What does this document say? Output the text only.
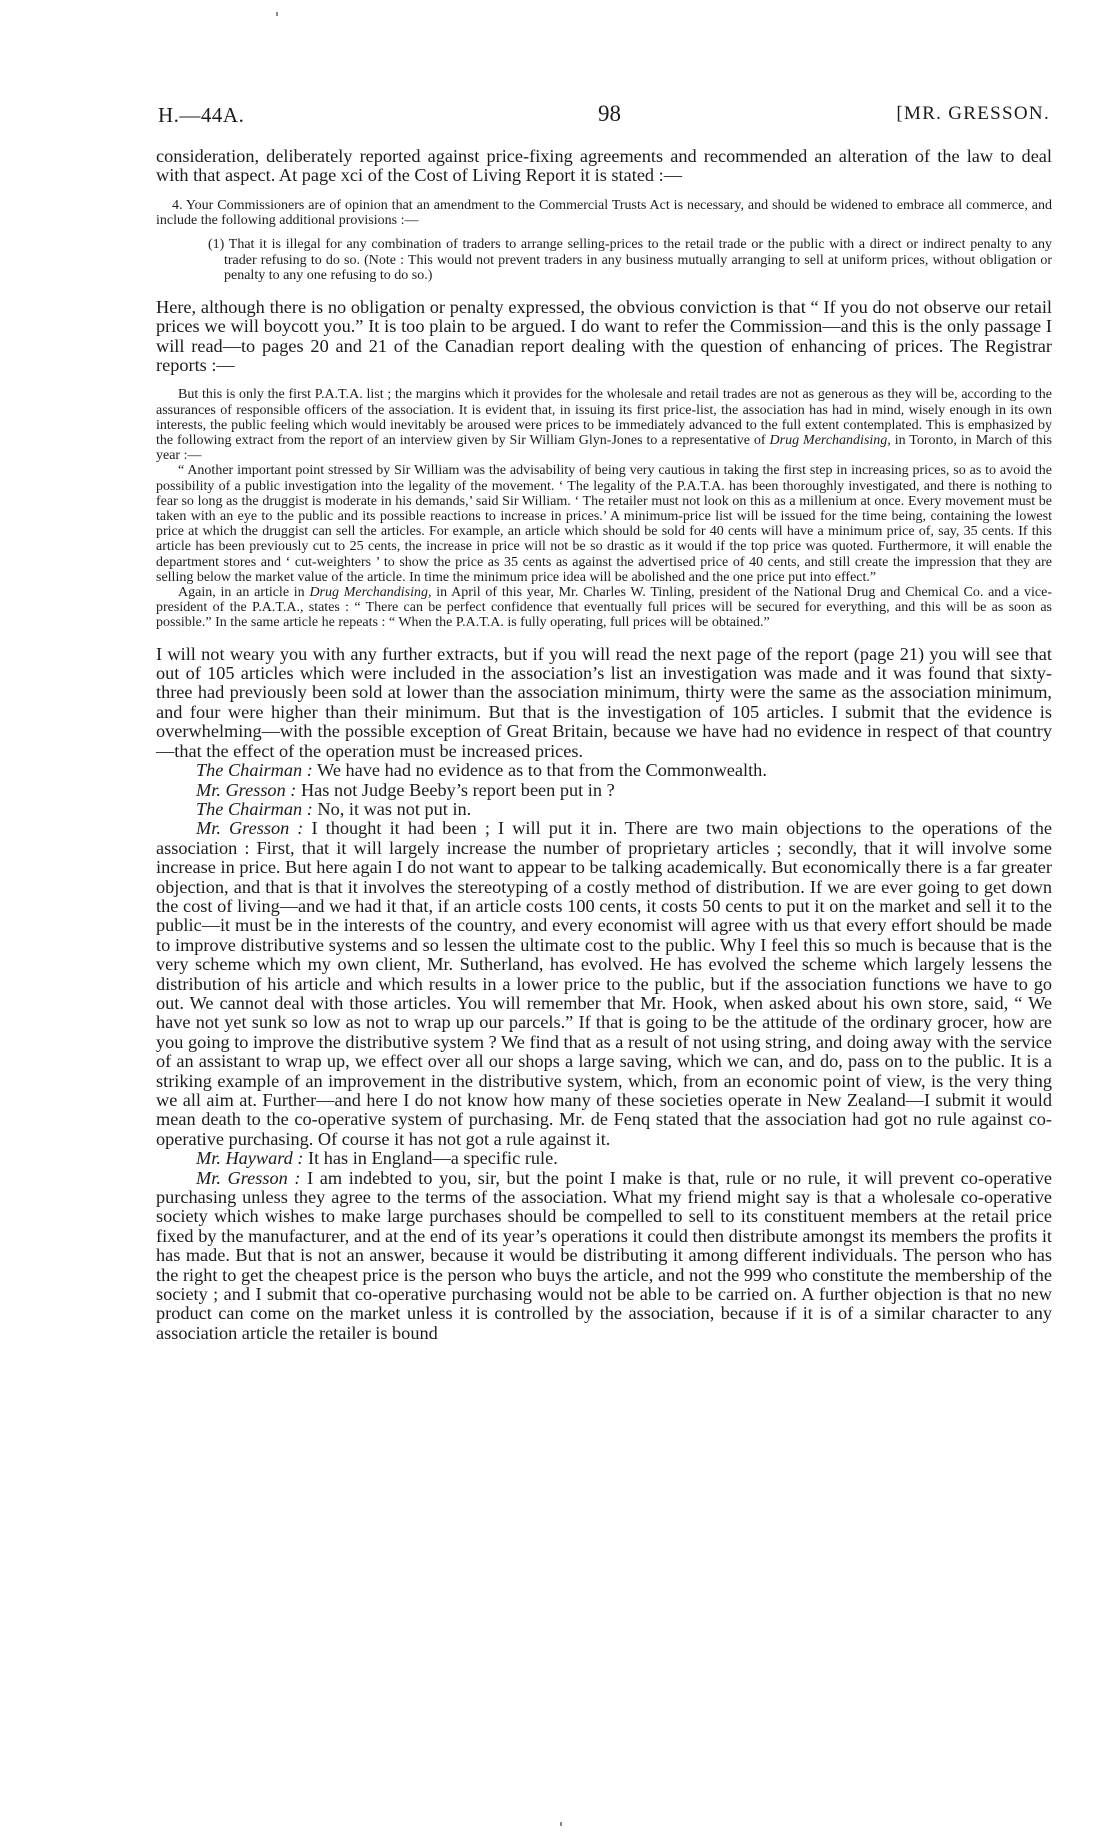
H.—44A.	98	[MR. GRESSON.

consideration, deliberately reported against price-fixing agreements and recommended an alteration of the law to deal with that aspect. At page xci of the Cost of Living Report it is stated :—

4. Your Commissioners are of opinion that an amendment to the Commercial Trusts Act is necessary, and should be widened to embrace all commerce, and include the following additional provisions :—

(1) That it is illegal for any combination of traders to arrange selling-prices to the retail trade or the public with a direct or indirect penalty to any trader refusing to do so. (Note : This would not prevent traders in any business mutually arranging to sell at uniform prices, without obligation or penalty to any one refusing to do so.)

Here, although there is no obligation or penalty expressed, the obvious conviction is that “ If you do not observe our retail prices we will boycott you.” It is too plain to be argued. I do want to refer the Commission—and this is the only passage I will read—to pages 20 and 21 of the Canadian report dealing with the question of enhancing of prices. The Registrar reports :—

But this is only the first P.A.T.A. list ; the margins which it provides for the wholesale and retail trades are not as generous as they will be, according to the assurances of responsible officers of the association. It is evident that, in issuing its first price-list, the association has had in mind, wisely enough in its own interests, the public feeling which would inevitably be aroused were prices to be immediately advanced to the full extent contemplated. This is emphasized by the following extract from the report of an interview given by Sir William Glyn-Jones to a representative of Drug Merchandising, in Toronto, in March of this year :—

“ Another important point stressed by Sir William was the advisability of being very cautious in taking the first step in increasing prices, so as to avoid the possibility of a public investigation into the legality of the movement. ‘ The legality of the P.A.T.A. has been thoroughly investigated, and there is nothing to fear so long as the druggist is moderate in his demands,’ said Sir William. ‘ The retailer must not look on this as a millenium at once. Every movement must be taken with an eye to the public and its possible reactions to increase in prices.’ A minimum-price list will be issued for the time being, containing the lowest price at which the druggist can sell the articles. For example, an article which should be sold for 40 cents will have a minimum price of, say, 35 cents. If this article has been previously cut to 25 cents, the increase in price will not be so drastic as it would if the top price was quoted. Furthermore, it will enable the department stores and ‘ cut-weighters ’ to show the price as 35 cents as against the advertised price of 40 cents, and still create the impression that they are selling below the market value of the article. In time the minimum price idea will be abolished and the one price put into effect.”

Again, in an article in Drug Merchandising, in April of this year, Mr. Charles W. Tinling, president of the National Drug and Chemical Co. and a vice-president of the P.A.T.A., states : “ There can be perfect confidence that eventually full prices will be secured for everything, and this will be as soon as possible.” In the same article he repeats : “ When the P.A.T.A. is fully operating, full prices will be obtained.”

I will not weary you with any further extracts, but if you will read the next page of the report (page 21) you will see that out of 105 articles which were included in the association’s list an investigation was made and it was found that sixty-three had previously been sold at lower than the association minimum, thirty were the same as the association minimum, and four were higher than their minimum. But that is the investigation of 105 articles. I submit that the evidence is overwhelming—with the possible exception of Great Britain, because we have had no evidence in respect of that country—that the effect of the operation must be increased prices.

The Chairman : We have had no evidence as to that from the Commonwealth.

Mr. Gresson : Has not Judge Beeby’s report been put in ?

The Chairman : No, it was not put in.

Mr. Gresson : I thought it had been ; I will put it in. There are two main objections to the operations of the association : First, that it will largely increase the number of proprietary articles ; secondly, that it will involve some increase in price. But here again I do not want to appear to be talking academically. But economically there is a far greater objection, and that is that it involves the stereotyping of a costly method of distribution. If we are ever going to get down the cost of living—and we had it that, if an article costs 100 cents, it costs 50 cents to put it on the market and sell it to the public—it must be in the interests of the country, and every economist will agree with us that every effort should be made to improve distributive systems and so lessen the ultimate cost to the public. Why I feel this so much is because that is the very scheme which my own client, Mr. Sutherland, has evolved. He has evolved the scheme which largely lessens the distribution of his article and which results in a lower price to the public, but if the association functions we have to go out. We cannot deal with those articles. You will remember that Mr. Hook, when asked about his own store, said, “ We have not yet sunk so low as not to wrap up our parcels.” If that is going to be the attitude of the ordinary grocer, how are you going to improve the distributive system ? We find that as a result of not using string, and doing away with the service of an assistant to wrap up, we effect over all our shops a large saving, which we can, and do, pass on to the public. It is a striking example of an improvement in the distributive system, which, from an economic point of view, is the very thing we all aim at. Further—and here I do not know how many of these societies operate in New Zealand—I submit it would mean death to the co-operative system of purchasing. Mr. de Fenq stated that the association had got no rule against co-operative purchasing. Of course it has not got a rule against it.

Mr. Hayward : It has in England—a specific rule.

Mr. Gresson : I am indebted to you, sir, but the point I make is that, rule or no rule, it will prevent co-operative purchasing unless they agree to the terms of the association. What my friend might say is that a wholesale co-operative society which wishes to make large purchases should be compelled to sell to its constituent members at the retail price fixed by the manufacturer, and at the end of its year’s operations it could then distribute amongst its members the profits it has made. But that is not an answer, because it would be distributing it among different individuals. The person who has the right to get the cheapest price is the person who buys the article, and not the 999 who constitute the membership of the society ; and I submit that co-operative purchasing would not be able to be carried on. A further objection is that no new product can come on the market unless it is controlled by the association, because if it is of a similar character to any association article the retailer is bound
